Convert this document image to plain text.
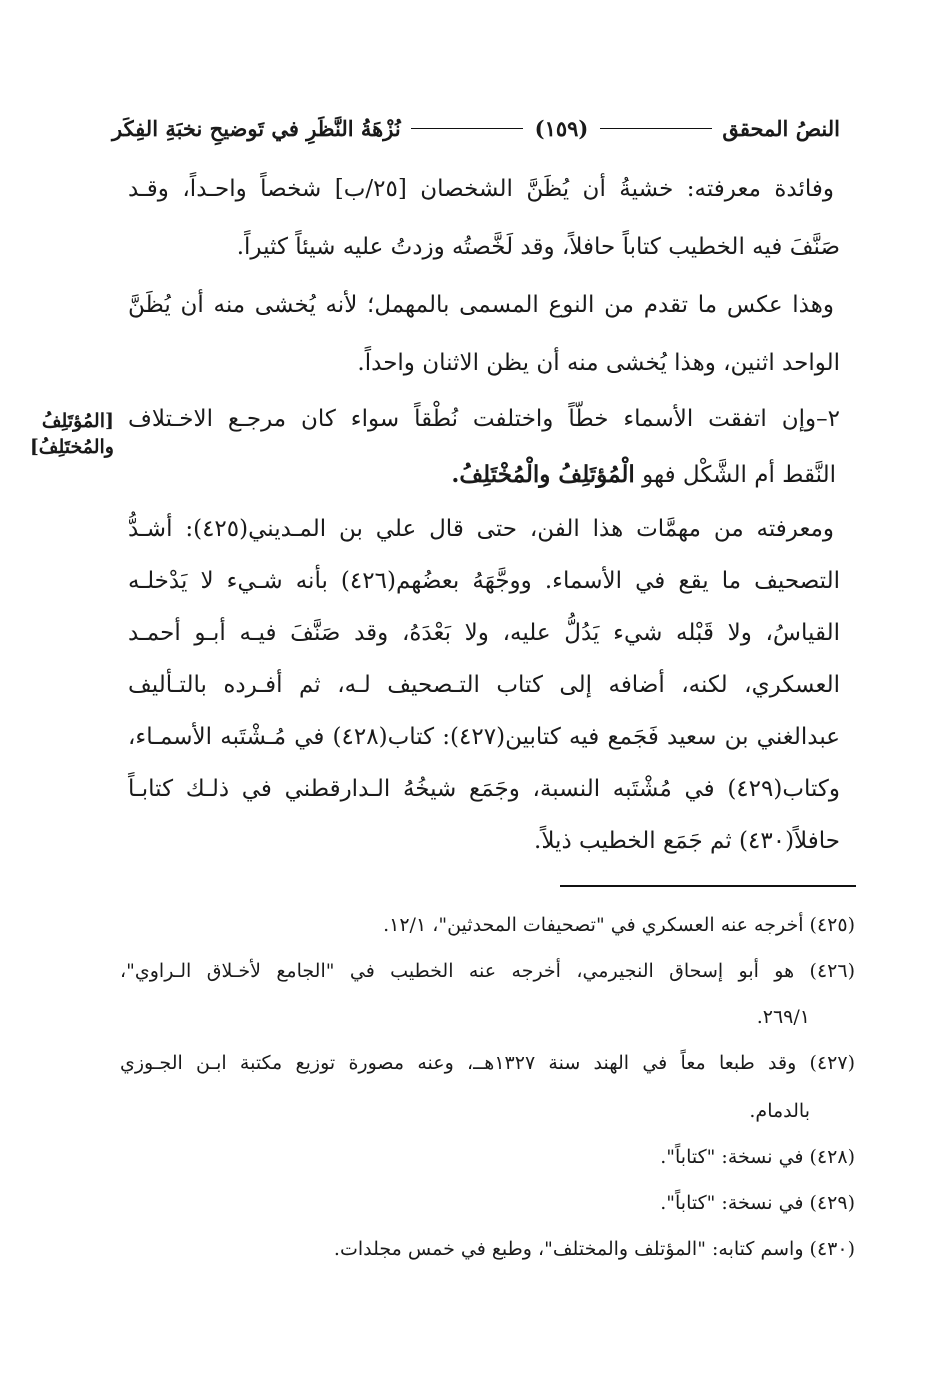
النصُ المحقق
(١٥٩)
نُزْهَةُ النَّظَرِ في تَوضيحِ نخبَةِ الفِكَر
وفائدة معرفته: خشيةُ أن يُظَنَّ الشخصان [٢٥/ب] شخصاً واحـداً، وقـد
صَنَّفَ فيه الخطيب كتاباً حافلاً، وقد لَخَّصتُه وزدتُ عليه شيئاً كثيراً.
وهذا عكس ما تقدم من النوع المسمى بالمهمل؛ لأنه يُخشى منه أن يُظَنَّ
الواحد اثنين، وهذا يُخشى منه أن يظن الاثنان واحداً.
٢–وإن اتفقت الأسماء خطّاً واختلفت نُطْقاً سواء كان مرجـع الاخـتلاف
النَّقط أم الشَّكْل فهو الْمُؤتَلِفُ والْمُخْتَلِفُ.
ومعرفته من مهمَّات هذا الفن، حتى قال علي بن المـديني(٤٢٥): أشـدُّ
التصحيف ما يقع في الأسماء. ووجَّهَهُ بعضُهم(٤٢٦) بأنه شـيء لا يَدْخلـه
القياسُ، ولا قَبْله شيء يَدُلُّ عليه، ولا بَعْدَهُ، وقد صَنَّفَ فيـه أبـو أحمـد
العسكري، لكنه، أضافه إلى كتاب التـصحيف لـه، ثم أفـرده بالتـأليف
عبدالغني بن سعيد فَجَمع فيه كتابين(٤٢٧): كتاب(٤٢٨) في مُـشْتَبه الأسمـاء،
وكتاب(٤٢٩) في مُشْتَبه النسبة، وجَمَع شيخُهُ الـدارقطني في ذلـك كتابـاً
حافلاً(٤٣٠) ثم جَمَع الخطيب ذيلاً.
[المُؤتَلِفُ
والمُختَلِفُ]
(٤٢٥) أخرجه عنه العسكري في "تصحيفات المحدثين"، ١٢/١.
(٤٢٦) هو أبو إسحاق النجيرمي، أخرجه عنه الخطيب في "الجامع لأخـلاق الـراوي"،
٢٦٩/١.
(٤٢٧) وقد طبعا معاً في الهند سنة ١٣٢٧هــ، وعنه مصورة توزيع مكتبة ابـن الجـوزي
بالدمام.
(٤٢٨) في نسخة: "كتاباً".
(٤٢٩) في نسخة: "كتاباً".
(٤٣٠) واسم كتابه: "المؤتلف والمختلف"، وطبع في خمس مجلدات.
